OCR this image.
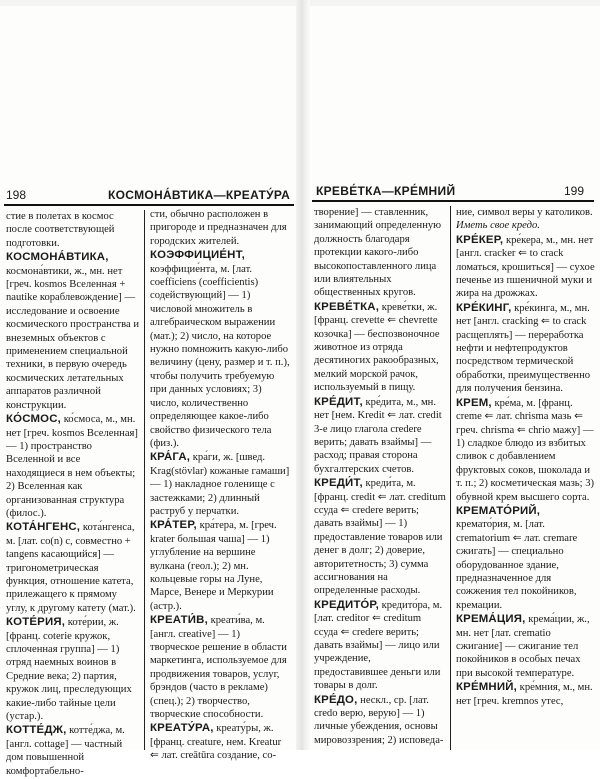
198	КОСМОНА́ВТИКА—КРЕАТУ́РА

стие в полетах в космос после соответствующей подготовки.

КОСМОНА́ВТИКА, космона́втики, ж., мн. нет [греч. kosmos Вселенная + nautike кораблевождение] — исследование и освоение космического пространства и внеземных объектов с применением специальной техники, в первую очередь космических летательных аппаратов различной конструкции.

КО́СМОС, ко́смоса, м., мн. нет [греч. kosmos Вселенная] — 1) пространство Вселенной и все находящиеся в нем объекты; 2) Вселенная как организованная структура (филос.).

КОТА́НГЕНС, кота́нгенса, м. [лат. co(n) с, совместно + tangens касающийся] — тригонометрическая функция, отношение катета, прилежащего к прямому углу, к другому катету (мат.).

КОТЕ́РИЯ, коте́рии, ж. [франц. coterie кружок, сплоченная группа] — 1) отряд наемных воинов в Средние века; 2) партия, кружок лиц, преследующих какие-либо тайные цели (устар.).

КОТТЕ́ДЖ, котте́джа, м. [англ. cottage] — частный дом повышенной комфортабельно-

сти, обычно расположен в пригороде и предназначен для городских жителей.

КОЭФФИЦИЕ́НТ, коэффицие́нта, м. [лат. coefficiens (coefficientis) содействующий] — 1) числовой множитель в алгебраическом выражении (мат.); 2) число, на которое нужно помножить какую-либо величину (цену, размер и т. п.), чтобы получить требуемую при данных условиях; 3) число, количественно определяющее какое-либо свойство физического тела (физ.).

КРА́ГА, кра́ги, ж. [швед. Krag(stövlar) кожаные гамаши] — 1) накладное голенище с застежками; 2) длинный раструб у перчатки.

КРА́ТЕР, кра́тера, м. [греч. krater большая чаша] — 1) углубление на вершине вулкана (геол.); 2) мн. кольцевые горы на Луне, Марсе, Венере и Меркурии (астр.).

КРЕАТИ́В, креати́ва, м. [англ. creative] — 1) творческое решение в области маркетинга, используемое для продвижения товаров, услуг, брэндов (часто в рекламе) (спец.); 2) творчество, творческие способности.

КРЕАТУ́РА, креату́ры, ж. [франц. creature, нем. Kreatur ⇐ лат. creātūra создание, со-

КРЕВЕ́ТКА—КРЕ́МНИЙ	199

творение] — ставленник, занимающий определенную должность благодаря протекции какого-либо высокопоставленного лица или влиятельных общественных кругов.

КРЕВЕ́ТКА, креве́тки, ж. [франц. crevette ⇐ chevrette козочка] — беспозвоночное животное из отряда десятиногих ракообразных, мелкий морской рачок, используемый в пищу.

КРЕ́ДИТ, кре́дита, м., мн. нет [нем. Kredit ⇐ лат. credit 3-е лицо глагола credere верить; давать взаймы] — расход; правая сторона бухгалтерских счетов.

КРЕДИ́Т, креди́та, м. [франц. credit ⇐ лат. creditum ссуда ⇐ credere верить; давать взаймы] — 1) предоставление товаров или денег в долг; 2) доверие, авторитетность; 3) сумма ассигнования на определенные расходы.

КРЕДИТО́Р, кредито́ра, м. [лат. creditor ⇐ creditum ссуда ⇐ credere верить; давать взаймы] — лицо или учреждение, предоставившее деньги или товары в долг.

КРЕ́ДО, нескл., ср. [лат. credo верю, верую] — 1) личные убеждения, основы мировоззрения; 2) исповеда-

ние, символ веры у католиков. Иметь свое кредо.

КРЕ́КЕР, кре́кера, м., мн. нет [англ. cracker ⇐ to crack ломаться, крошиться] — сухое печенье из пшеничной муки и жира на дрожжах.

КРЕ́КИНГ, кре́кинга, м., мн. нет [англ. cracking ⇐ to crack расщеплять] — переработка нефти и нефтепродуктов посредством термической обработки, преимущественно для получения бензина.

КРЕМ, кре́ма, м. [франц. creme ⇐ лат. chrisma мазь ⇐ греч. chrisma ⇐ chrio мажу] — 1) сладкое блюдо из взбитых сливок с добавлением фруктовых соков, шоколада и т. п.; 2) косметическая мазь; 3) обувной крем высшего сорта.

КРЕМАТО́РИЙ, кремато́рия, м. [лат. crematorium ⇐ лат. cremare сжигать] — специально оборудованное здание, предназначенное для сожжения тел покойников, кремации.

КРЕМА́ЦИЯ, крема́ции, ж., мн. нет [лат. crematio сжигание] — сжигание тел покойников в особых печах при высокой температуре.

КРЕ́МНИЙ, кре́мния, м., мн. нет [греч. kremnos утес,
